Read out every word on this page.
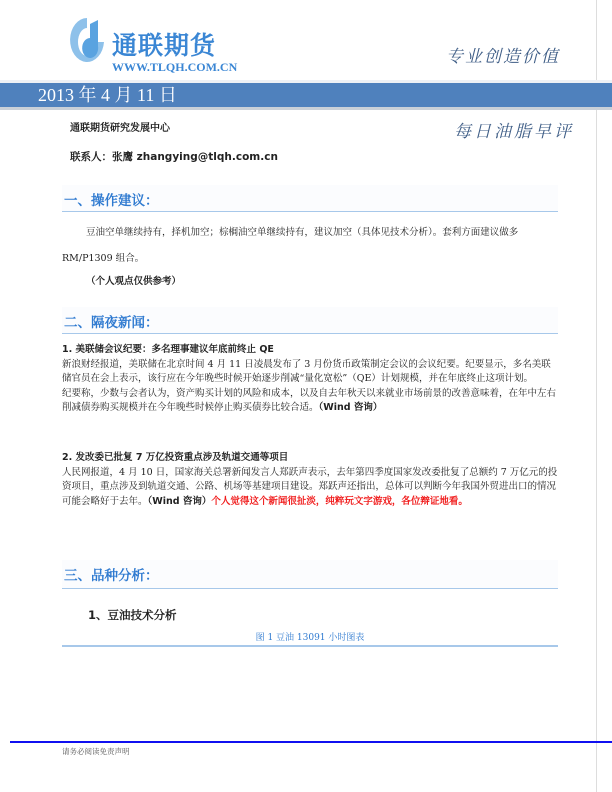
通联期货
WWW.TLQH.COM.CN	专业创造价值
2013 年 4 月 11 日
通联期货研究发展中心	每日油脂早评
联系人：张鹰 zhangying@tlqh.com.cn
一、操作建议：
豆油空单继续持有，择机加空；棕榈油空单继续持有，建议加空（具体见技术分析）。套利方面建议做多
RM/P1309 组合。
（个人观点仅供参考）
二、隔夜新闻：
1. 美联储会议纪要：多名理事建议年底前终止 QE
新浪财经报道，美联储在北京时间 4 月 11 日凌晨发布了 3 月份货币政策制定会议的会议纪要。纪要显示，多名美联储官员在会上表示，该行应在今年晚些时候开始逐步削减“量化宽松”（QE）计划规模，并在年底终止这项计划。
纪要称，少数与会者认为，资产购买计划的风险和成本，以及自去年秋天以来就业市场前景的改善意味着，在年中左右削减债券购买规模并在今年晚些时候停止购买债券比较合适。（Wind 咨询）
2. 发改委已批复 7 万亿投资重点涉及轨道交通等项目
人民网报道，4 月 10 日，国家海关总署新闻发言人郑跃声表示，去年第四季度国家发改委批复了总额约 7 万亿元的投资项目，重点涉及到轨道交通、公路、机场等基建项目建设。郑跃声还指出，总体可以判断今年我国外贸进出口的情况可能会略好于去年。（Wind 咨询）个人觉得这个新闻很扯淡，纯粹玩文字游戏，各位辩证地看。
三、品种分析：
1、豆油技术分析
图 1 豆油 13091 小时图表
请务必阅读免责声明
